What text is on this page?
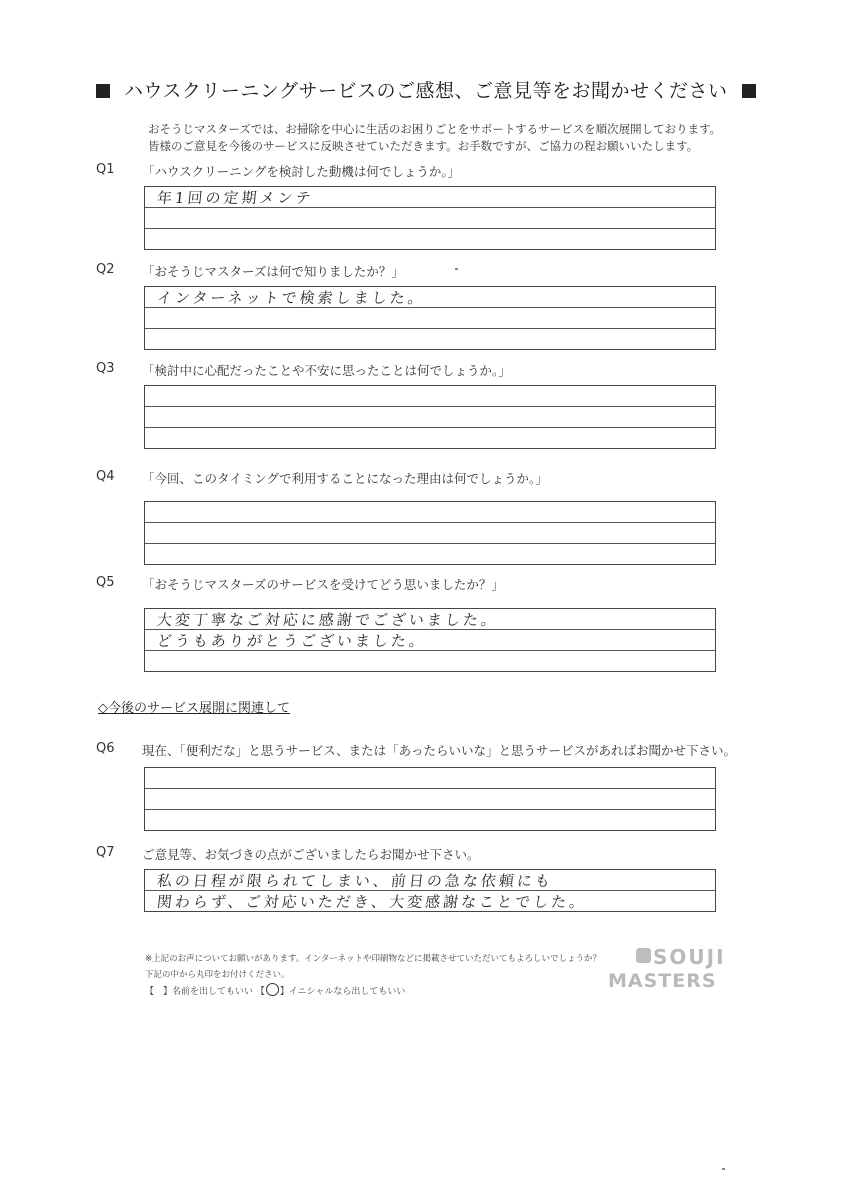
ハウスクリーニングサービスのご感想、ご意見等をお聞かせください
おそうじマスターズでは、お掃除を中心に生活のお困りごとをサポートするサービスを順次展開しております。
皆様のご意見を今後のサービスに反映させていただきます。お手数ですが、ご協力の程お願いいたします。
Q1 「ハウスクリーニングを検討した動機は何でしょうか。」
年1回の定期メンテ
Q2 「おそうじマスターズは何で知りましたか？」
インターネットで検索しました。
Q3 「検討中に心配だったことや不安に思ったことは何でしょうか。」
Q4 「今回、このタイミングで利用することになった理由は何でしょうか。」
Q5 「おそうじマスターズのサービスを受けてどう思いましたか？」
大変丁寧なご対応に感謝でございました。
どうもありがとうございました。
◇今後のサービス展開に関連して
Q6 現在、「便利だな」と思うサービス、または「あったらいいな」と思うサービスがあればお聞かせ下さい。
Q7 ご意見等、お気づきの点がございましたらお聞かせ下さい。
私の日程が限られてしまい、前日の急な依頼にも
関わらず、ご対応いただき、大変感謝なことでした。
※上記のお声についてお願いがあります。インターネットや印刷物などに掲載させていただいてもよろしいでしょうか？
下記の中から丸印をお付けください。
【　】名前を出してもいい 【○】イニシャルなら出してもいい
SOUJI
MASTERS
